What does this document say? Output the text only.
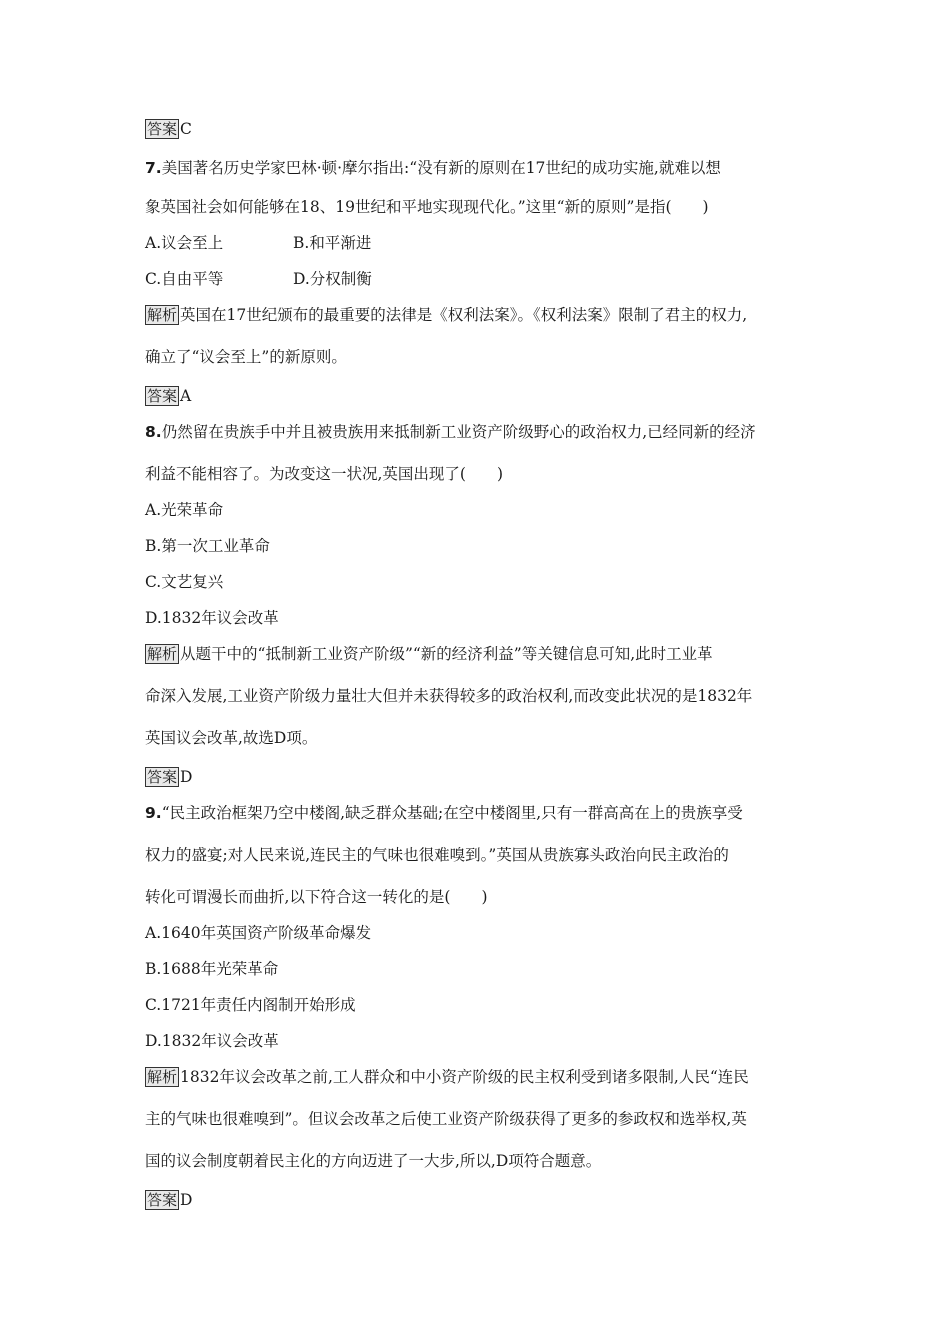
答案 C
7.美国著名历史学家巴林·顿·摩尔指出:“没有新的原则在17世纪的成功实施,就难以想
象英国社会如何能够在18、19世纪和平地实现现代化。”这里“新的原则”是指(　　)
A.议会至上	B.和平渐进
C.自由平等	D.分权制衡
解析 英国在17世纪颁布的最重要的法律是《权利法案》。《权利法案》限制了君主的权力,
确立了“议会至上”的新原则。
答案 A
8.仍然留在贵族手中并且被贵族用来抵制新工业资产阶级野心的政治权力,已经同新的经济
利益不能相容了。为改变这一状况,英国出现了(　　)
A.光荣革命
B.第一次工业革命
C.文艺复兴
D.1832年议会改革
解析 从题干中的“抵制新工业资产阶级”“新的经济利益”等关键信息可知,此时工业革
命深入发展,工业资产阶级力量壮大但并未获得较多的政治权利,而改变此状况的是1832年
英国议会改革,故选D项。
答案 D
9.“民主政治框架乃空中楼阁,缺乏群众基础;在空中楼阁里,只有一群高高在上的贵族享受
权力的盛宴;对人民来说,连民主的气味也很难嗅到。”英国从贵族寡头政治向民主政治的
转化可谓漫长而曲折,以下符合这一转化的是(　　)
A.1640年英国资产阶级革命爆发
B.1688年光荣革命
C.1721年责任内阁制开始形成
D.1832年议会改革
解析 1832年议会改革之前,工人群众和中小资产阶级的民主权利受到诸多限制,人民“连民
主的气味也很难嗅到”。但议会改革之后使工业资产阶级获得了更多的参政权和选举权,英
国的议会制度朝着民主化的方向迈进了一大步,所以,D项符合题意。
答案 D
